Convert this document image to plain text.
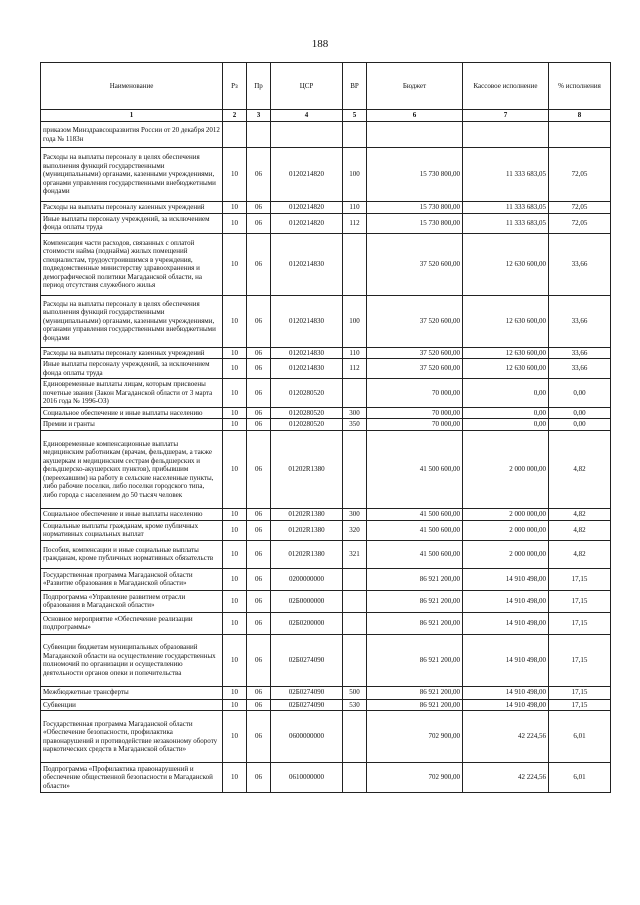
188
Наименование	Рз	Пр	ЦСР	ВР	Бюджет	Кассовое исполнение	% исполнения
1	2	3	4	5	6	7	8
приказом Минздравсоцразвития России от 20 декабря 2012 года № 1183н							
Расходы на выплаты персоналу в целях обеспечения выполнения функций государственными (муниципальными) органами, казенными учреждениями, органами управления государственными внебюджетными фондами	10	06	0120214820	100	15 730 800,00	11 333 683,05	72,05
Расходы на выплаты персоналу казенных учреждений	10	06	0120214820	110	15 730 800,00	11 333 683,05	72,05
Иные выплаты персоналу учреждений, за исключением фонда оплаты труда	10	06	0120214820	112	15 730 800,00	11 333 683,05	72,05
Компенсация части расходов, связанных с оплатой стоимости найма (поднайма) жилых помещений специалистам, трудоустроившимся в учреждения, подведомственные министерству здравоохранения и демографической политики Магаданской области, на период отсутствия служебного жилья	10	06	0120214830		37 520 600,00	12 630 600,00	33,66
Расходы на выплаты персоналу в целях обеспечения выполнения функций государственными (муниципальными) органами, казенными учреждениями, органами управления государственными внебюджетными фондами	10	06	0120214830	100	37 520 600,00	12 630 600,00	33,66
Расходы на выплаты персоналу казенных учреждений	10	06	0120214830	110	37 520 600,00	12 630 600,00	33,66
Иные выплаты персоналу учреждений, за исключением фонда оплаты труда	10	06	0120214830	112	37 520 600,00	12 630 600,00	33,66
Единовременные выплаты лицам, которым присвоены почетные звания (Закон Магаданской области от 3 марта 2016 года № 1996-ОЗ)	10	06	0120280520		70 000,00	0,00	0,00
Социальное обеспечение и иные выплаты населению	10	06	0120280520	300	70 000,00	0,00	0,00
Премии и гранты	10	06	0120280520	350	70 000,00	0,00	0,00
Единовременные компенсационные выплаты медицинским работникам (врачам, фельдшерам, а также акушеркам и медицинским сестрам фельдшерских и фельдшерско-акушерских пунктов), прибывшим (переехавшим) на работу в сельские населенные пункты, либо рабочие поселки, либо поселки городского типа, либо города с населением до 50 тысяч человек	10	06	01202R1380		41 500 600,00	2 000 000,00	4,82
Социальное обеспечение и иные выплаты населению	10	06	01202R1380	300	41 500 600,00	2 000 000,00	4,82
Социальные выплаты гражданам, кроме публичных нормативных социальных выплат	10	06	01202R1380	320	41 500 600,00	2 000 000,00	4,82
Пособия, компенсации и иные социальные выплаты гражданам, кроме публичных нормативных обязательств	10	06	01202R1380	321	41 500 600,00	2 000 000,00	4,82
Государственная программа Магаданской области «Развитие образования в Магаданской области»	10	06	0200000000		86 921 200,00	14 910 498,00	17,15
Подпрограмма «Управление развитием отрасли образования в Магаданской области»	10	06	02Б0000000		86 921 200,00	14 910 498,00	17,15
Основное мероприятие «Обеспечение реализации подпрограммы»	10	06	02Б0200000		86 921 200,00	14 910 498,00	17,15
Субвенции бюджетам муниципальных образований Магаданской области на осуществление государственных полномочий по организации и осуществлению деятельности органов опеки и попечительства	10	06	02Б0274090		86 921 200,00	14 910 498,00	17,15
Межбюджетные трансферты	10	06	02Б0274090	500	86 921 200,00	14 910 498,00	17,15
Субвенции	10	06	02Б0274090	530	86 921 200,00	14 910 498,00	17,15
Государственная программа Магаданской области «Обеспечение безопасности, профилактика правонарушений и противодействие незаконному обороту наркотических средств в Магаданской области»	10	06	0600000000		702 900,00	42 224,56	6,01
Подпрограмма «Профилактика правонарушений и обеспечение общественной безопасности в Магаданской области»	10	06	0610000000		702 900,00	42 224,56	6,01
